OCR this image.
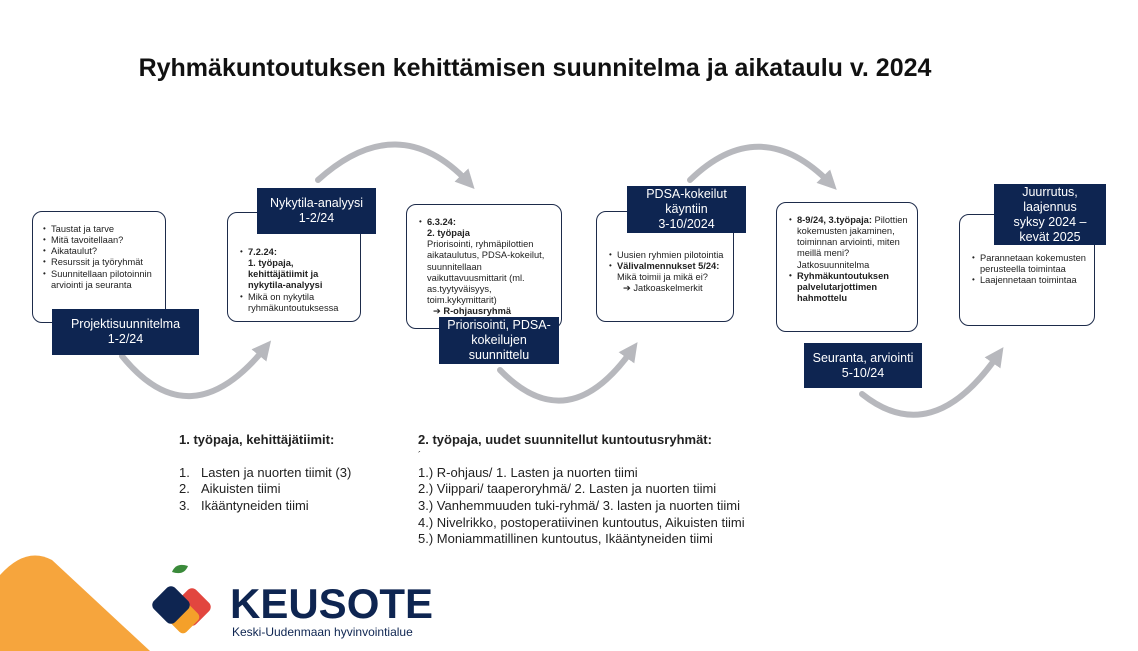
Ryhmäkuntoutuksen kehittämisen suunnitelma ja aikataulu v. 2024
• Taustat ja tarve
• Mitä tavoitellaan?
• Aikataulut?
• Resurssit ja työryhmät
• Suunnitellaan pilotoinnin arviointi ja seuranta
Projektisuunnitelma
1-2/24
• 7.2.24:
1. työpaja, kehittäjätiimit ja nykytila-analyysi
• Mikä on nykytila ryhmäkuntoutuksessa
Nykytila-analyysi
1-2/24	• 6.3.24:
2. työpaja
Priorisointi, ryhmäpilottien aikataulutus, PDSA-kokeilut, suunnitellaan vaikuttavuusmittarit (ml. as.tyytyväisyys, toim.kykymittarit)
➔ R-ohjausryhmä
Priorisointi, PDSA-
kokeilujen
suunnittelu
• Uusien ryhmien pilotointia
• Välivalmennukset 5/24: Mikä toimii ja mikä ei?
➔ Jatkoaskelmerkit
PDSA-kokeilut
käyntiin
3-10/2024	• 8-9/24, 3.työpaja: Pilottien kokemusten jakaminen, toiminnan arviointi, miten meillä meni? Jatkosuunnitelma
• Ryhmäkuntoutuksen palvelutarjottimen hahmottelu
Seuranta, arviointi
5-10/24
• Parannetaan kokemusten perusteella toimintaa
• Laajennetaan toimintaa
Juurrutus,
laajennus
syksy 2024 –
kevät 2025
1. työpaja, kehittäjätiimit:
1. Lasten ja nuorten tiimit (3)
2. Aikuisten tiimi
3. Ikääntyneiden tiimi
2. työpaja, uudet suunnitellut kuntoutusryhmät:
´
1.) R-ohjaus/ 1. Lasten ja nuorten tiimi
2.) Viippari/ taaperoryhmä/ 2. Lasten ja nuorten tiimi
3.) Vanhemmuuden tuki-ryhmä/ 3. lasten ja nuorten tiimi
4.) Nivelrikko, postoperatiivinen kuntoutus, Aikuisten tiimi
5.) Moniammatillinen kuntoutus, Ikääntyneiden tiimi
KEUSOTE
Keski-Uudenmaan hyvinvointialue
